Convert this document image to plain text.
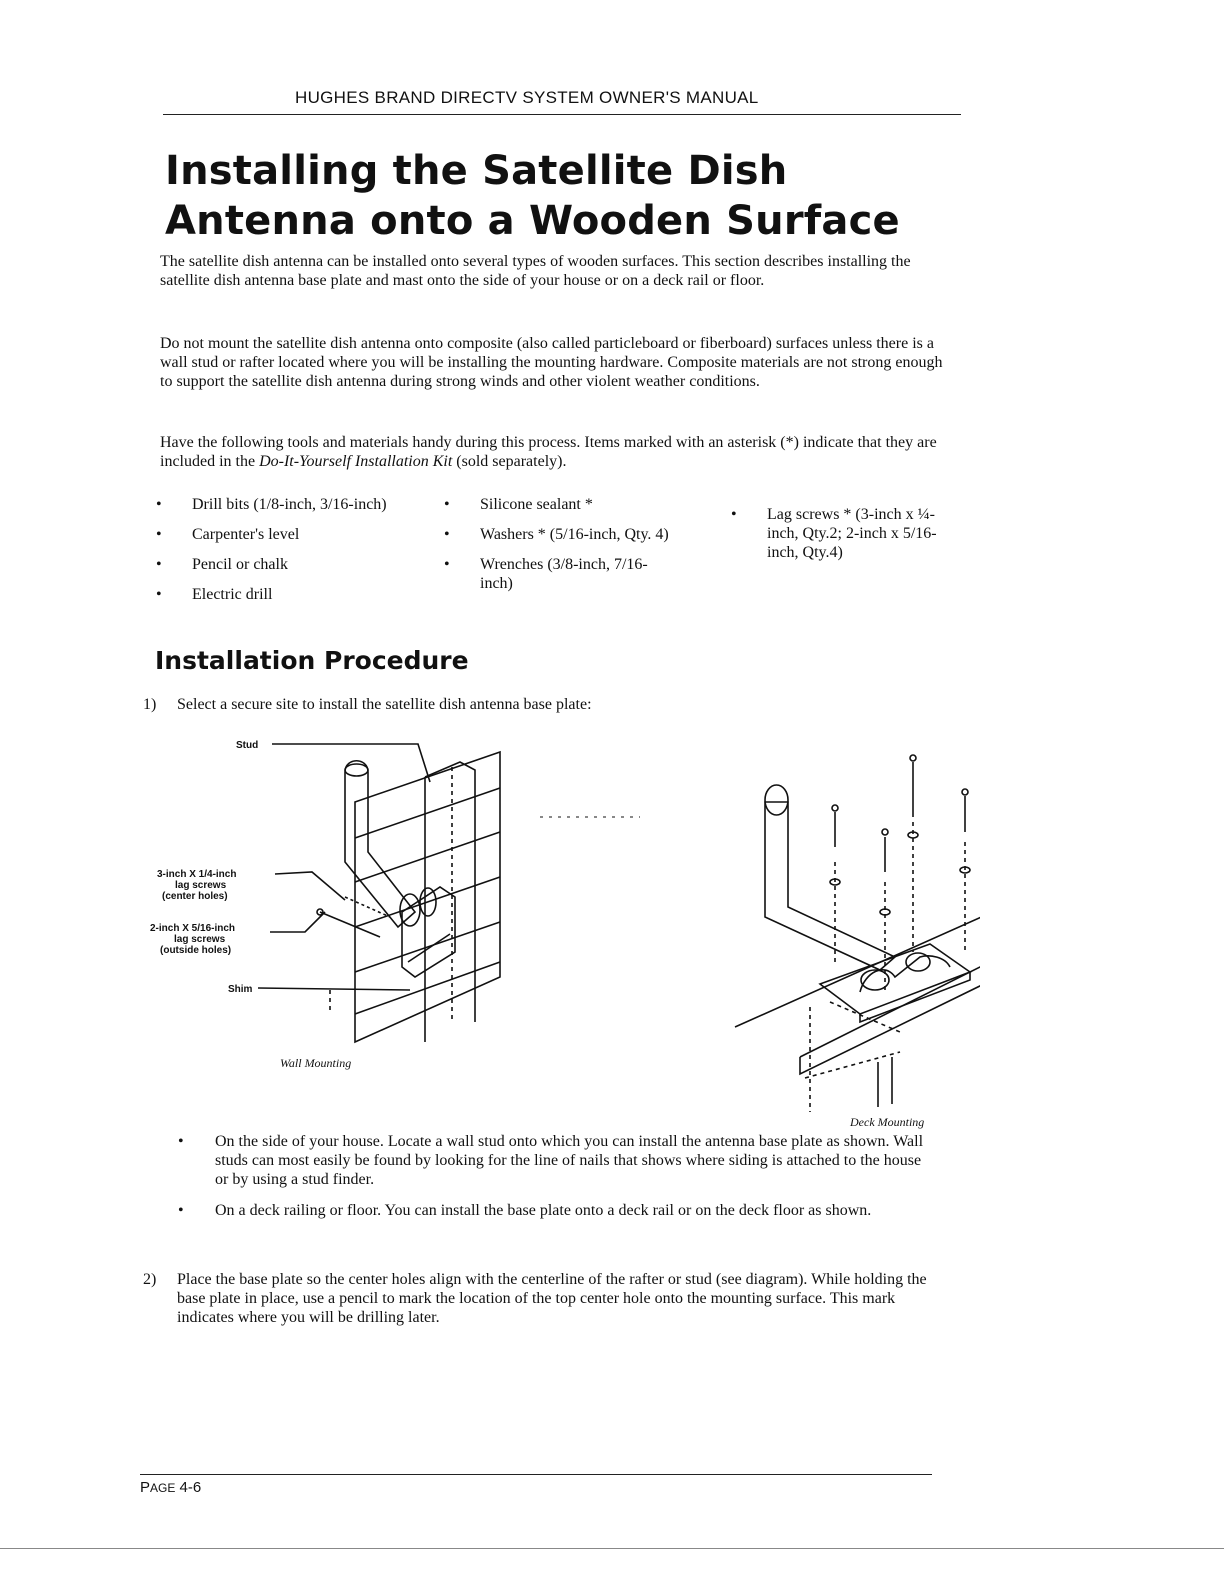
HUGHES BRAND DIRECTV SYSTEM OWNER'S MANUAL
Installing the Satellite Dish
Antenna onto a Wooden Surface
The satellite dish antenna can be installed onto several types of wooden surfaces. This section describes installing the satellite dish antenna base plate and mast onto the side of your house or on a deck rail or floor.
Do not mount the satellite dish antenna onto composite (also called particleboard or fiberboard) surfaces unless there is a wall stud or rafter located where you will be installing the mounting hardware. Composite materials are not strong enough to support the satellite dish antenna during strong winds and other violent weather conditions.
Have the following tools and materials handy during this process. Items marked with an asterisk (*) indicate that they are included in the Do-It-Yourself Installation Kit (sold separately).
• Drill bits (1/8-inch, 3/16-inch)
• Carpenter's level
• Pencil or chalk
• Electric drill
• Silicone sealant *
• Washers * (5/16-inch, Qty. 4)
• Wrenches (3/8-inch, 7/16-inch)
• Lag screws * (3-inch x ¼-inch, Qty.2; 2-inch x 5/16-inch, Qty.4)
Installation Procedure
1) Select a secure site to install the satellite dish antenna base plate:
Stud
3-inch X 1/4-inch
lag screws
(center holes)
2-inch X 5/16-inch
lag screws
(outside holes)
Shim
Wall Mounting
Deck Mounting
• On the side of your house. Locate a wall stud onto which you can install the antenna base plate as shown. Wall studs can most easily be found by looking for the line of nails that shows where siding is attached to the house or by using a stud finder.
• On a deck railing or floor. You can install the base plate onto a deck rail or on the deck floor as shown.
2) Place the base plate so the center holes align with the centerline of the rafter or stud (see diagram). While holding the base plate in place, use a pencil to mark the location of the top center hole onto the mounting surface. This mark indicates where you will be drilling later.
PAGE 4-6
